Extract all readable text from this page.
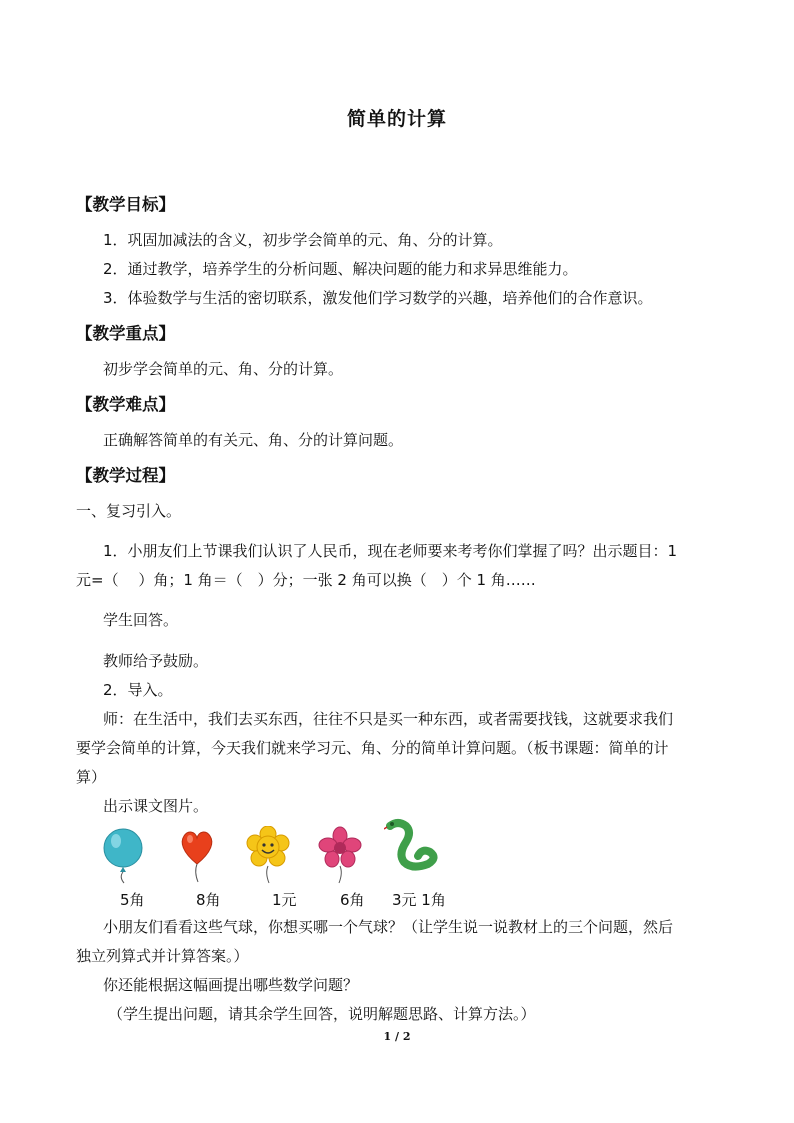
简单的计算
【教学目标】
1．巩固加减法的含义，初步学会简单的元、角、分的计算。
2．通过教学，培养学生的分析问题、解决问题的能力和求异思维能力。
3．体验数学与生活的密切联系，激发他们学习数学的兴趣，培养他们的合作意识。
【教学重点】
初步学会简单的元、角、分的计算。
【教学难点】
正确解答简单的有关元、角、分的计算问题。
【教学过程】
一、复习引入。
1．小朋友们上节课我们认识了人民币，现在老师要来考考你们掌握了吗？出示题目：1
元=（　 ）角；1 角＝（　）分；一张 2 角可以换（　）个 1 角……
学生回答。
教师给予鼓励。
2．导入。
师：在生活中，我们去买东西，往往不只是买一种东西，或者需要找钱，这就要求我们
要学会简单的计算，今天我们就来学习元、角、分的简单计算问题。（板书课题：简单的计
算）
出示课文图片。
5角	8角	1元	6角 3元 1角
小朋友们看看这些气球，你想买哪一个气球？（让学生说一说教材上的三个问题，然后
独立列算式并计算答案。）
你还能根据这幅画提出哪些数学问题？
（学生提出问题，请其余学生回答，说明解题思路、计算方法。）
1 / 2
